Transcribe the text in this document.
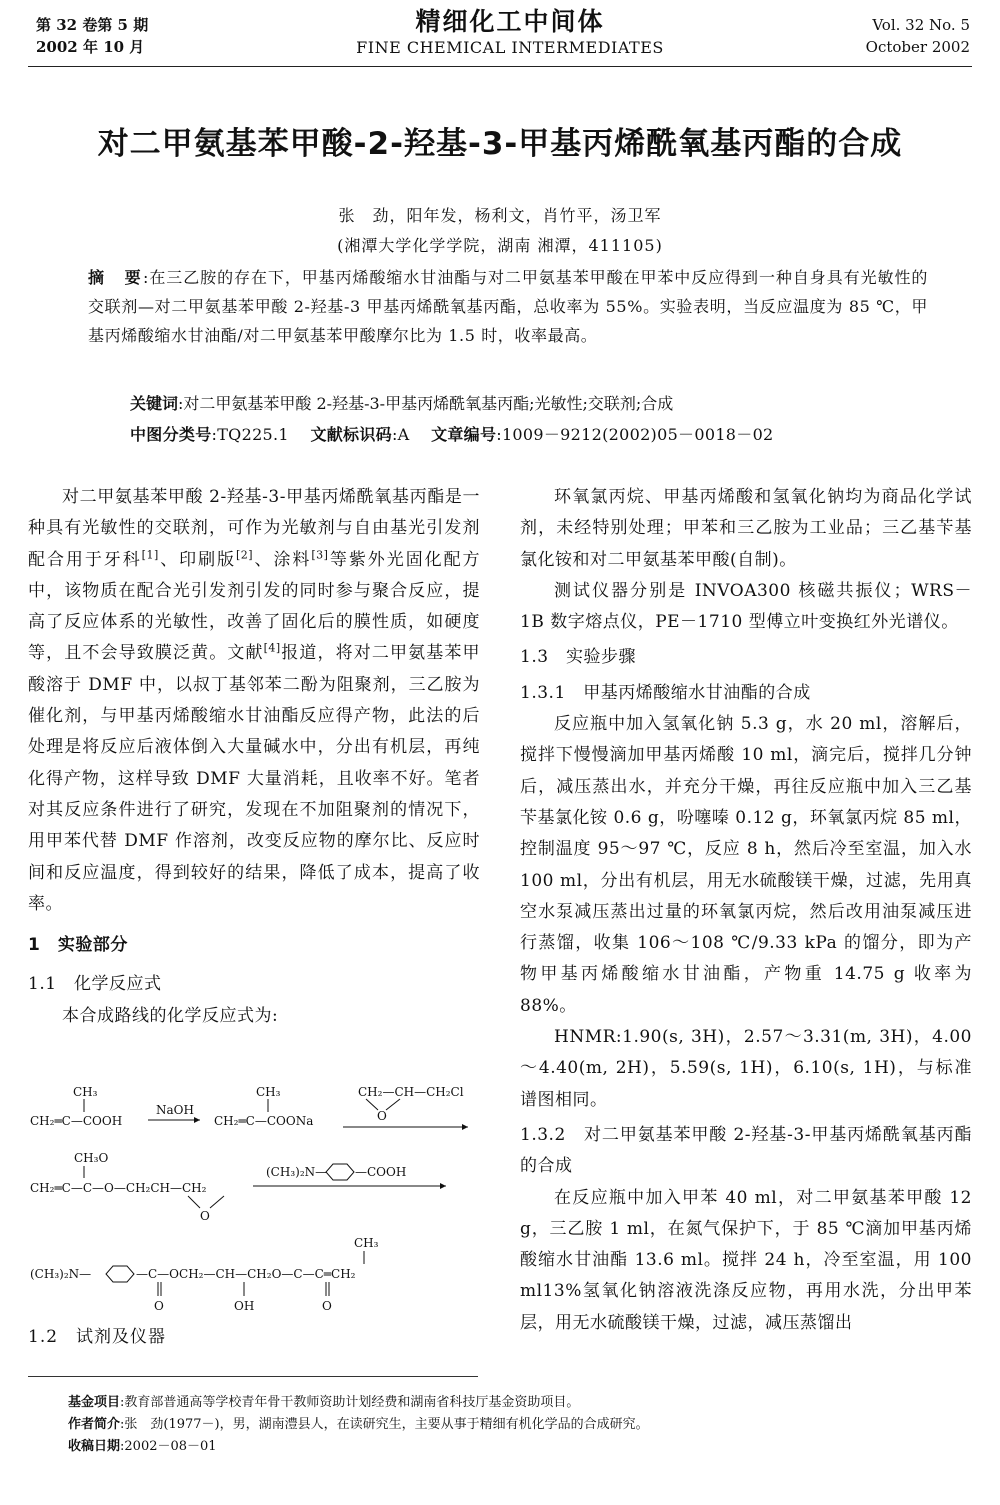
第 32 卷第 5 期
2002 年 10 月
精细化工中间体
FINE CHEMICAL INTERMEDIATES
Vol. 32 No. 5
October 2002
对二甲氨基苯甲酸-2-羟基-3-甲基丙烯酰氧基丙酯的合成
张　劲，阳年发，杨利文，肖竹平，汤卫军
(湘潭大学化学学院，湖南 湘潭，411105)
摘　要:在三乙胺的存在下，甲基丙烯酸缩水甘油酯与对二甲氨基苯甲酸在甲苯中反应得到一种自身具有光敏性的交联剂—对二甲氨基苯甲酸 2-羟基-3 甲基丙烯酰氧基丙酯，总收率为 55%。实验表明，当反应温度为 85 ℃，甲基丙烯酸缩水甘油酯/对二甲氨基苯甲酸摩尔比为 1.5 时，收率最高。
关键词:对二甲氨基苯甲酸 2-羟基-3-甲基丙烯酰氧基丙酯;光敏性;交联剂;合成
中图分类号:TQ225.1 文献标识码:A 文章编号:1009－9212(2002)05－0018－02

对二甲氨基苯甲酸 2-羟基-3-甲基丙烯酰氧基丙酯是一种具有光敏性的交联剂，可作为光敏剂与自由基光引发剂配合用于牙科[1]、印刷版[2]、涂料[3]等紫外光固化配方中，该物质在配合光引发剂引发的同时参与聚合反应，提高了反应体系的光敏性，改善了固化后的膜性质，如硬度等，且不会导致膜泛黄。文献[4]报道，将对二甲氨基苯甲酸溶于 DMF 中，以叔丁基邻苯二酚为阻聚剂，三乙胺为催化剂，与甲基丙烯酸缩水甘油酯反应得产物，此法的后处理是将反应后液体倒入大量碱水中，分出有机层，再纯化得产物，这样导致 DMF 大量消耗，且收率不好。笔者对其反应条件进行了研究，发现在不加阻聚剂的情况下，用甲苯代替 DMF 作溶剂，改变反应物的摩尔比、反应时间和反应温度，得到较好的结果，降低了成本，提高了收率。

1　实验部分
1.1　化学反应式

本合成路线的化学反应式为:

CH₃
CH₂═C—COOH
NaOH
CH₃
CH₂═C—COONa
CH₂—CH—CH₂Cl
O
CH₃O
CH₂═C—C—O—CH₂CH—CH₂
O
(CH₃)₂N— —COOH
CH₃
(CH₃)₂N—	—C—OCH₂—CH—CH₂O—C—C═CH₂
O	OH	O
1.2　试剂及仪器

环氧氯丙烷、甲基丙烯酸和氢氧化钠均为商品化学试剂，未经特别处理；甲苯和三乙胺为工业品；三乙基苄基氯化铵和对二甲氨基苯甲酸(自制)。

测试仪器分别是 INVOA300 核磁共振仪；WRS－1B 数字熔点仪，PE－1710 型傅立叶变换红外光谱仪。

1.3　实验步骤
1.3.1　甲基丙烯酸缩水甘油酯的合成

反应瓶中加入氢氧化钠 5.3 g，水 20 ml，溶解后，搅拌下慢慢滴加甲基丙烯酸 10 ml，滴完后，搅拌几分钟后，减压蒸出水，并充分干燥，再往反应瓶中加入三乙基苄基氯化铵 0.6 g，吩噻嗪 0.12 g，环氧氯丙烷 85 ml，控制温度 95～97 ℃，反应 8 h，然后冷至室温，加入水 100 ml，分出有机层，用无水硫酸镁干燥，过滤，先用真空水泵减压蒸出过量的环氧氯丙烷，然后改用油泵减压进行蒸馏，收集 106～108 ℃/9.33 kPa 的馏分，即为产物甲基丙烯酸缩水甘油酯，产物重 14.75 g 收率为 88%。

HNMR:1.90(s, 3H)，2.57～3.31(m, 3H)，4.00～4.40(m, 2H)，5.59(s, 1H)，6.10(s, 1H)，与标准谱图相同。

1.3.2　对二甲氨基苯甲酸 2-羟基-3-甲基丙烯酰氧基丙酯的合成

在反应瓶中加入甲苯 40 ml，对二甲氨基苯甲酸 12 g，三乙胺 1 ml，在氮气保护下，于 85 ℃滴加甲基丙烯酸缩水甘油酯 13.6 ml。搅拌 24 h，冷至室温，用 100 ml13%氢氧化钠溶液洗涤反应物，再用水洗，分出甲苯层，用无水硫酸镁干燥，过滤，减压蒸馏出

基金项目:教育部普通高等学校青年骨干教师资助计划经费和湖南省科技厅基金资助项目。
作者简介:张　劲(1977－)，男，湖南澧县人，在读研究生，主要从事于精细有机化学品的合成研究。
收稿日期:2002－08－01
